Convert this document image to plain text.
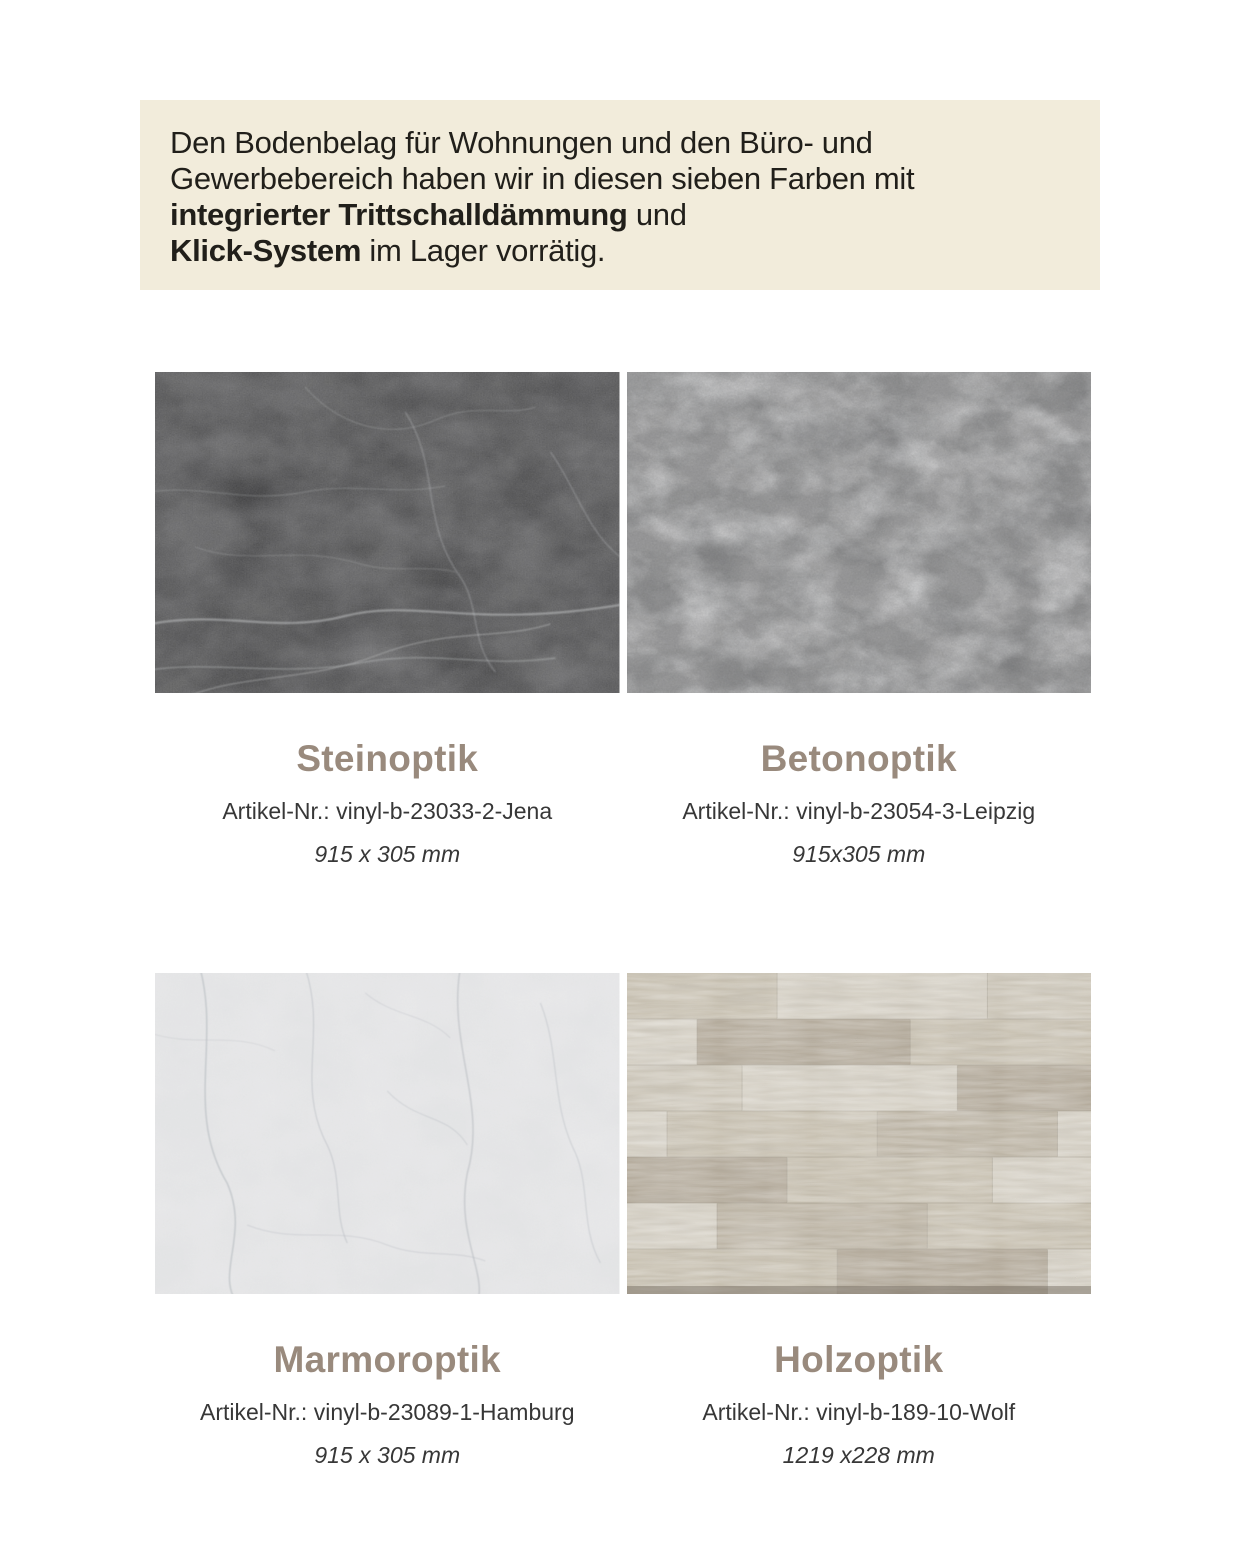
Den Bodenbelag für Wohnungen und den Büro- und
Gewerbebereich haben wir in diesen sieben Farben mit
integrierter Trittschalldämmung und
Klick-System im Lager vorrätig.

Steinoptik

Artikel-Nr.: vinyl-b-23033-2-Jena

915 x 305 mm

Betonoptik

Artikel-Nr.: vinyl-b-23054-3-Leipzig

915x305 mm

Marmoroptik

Artikel-Nr.: vinyl-b-23089-1-Hamburg

915 x 305 mm

Holzoptik

Artikel-Nr.: vinyl-b-189-10-Wolf

1219 x228 mm
